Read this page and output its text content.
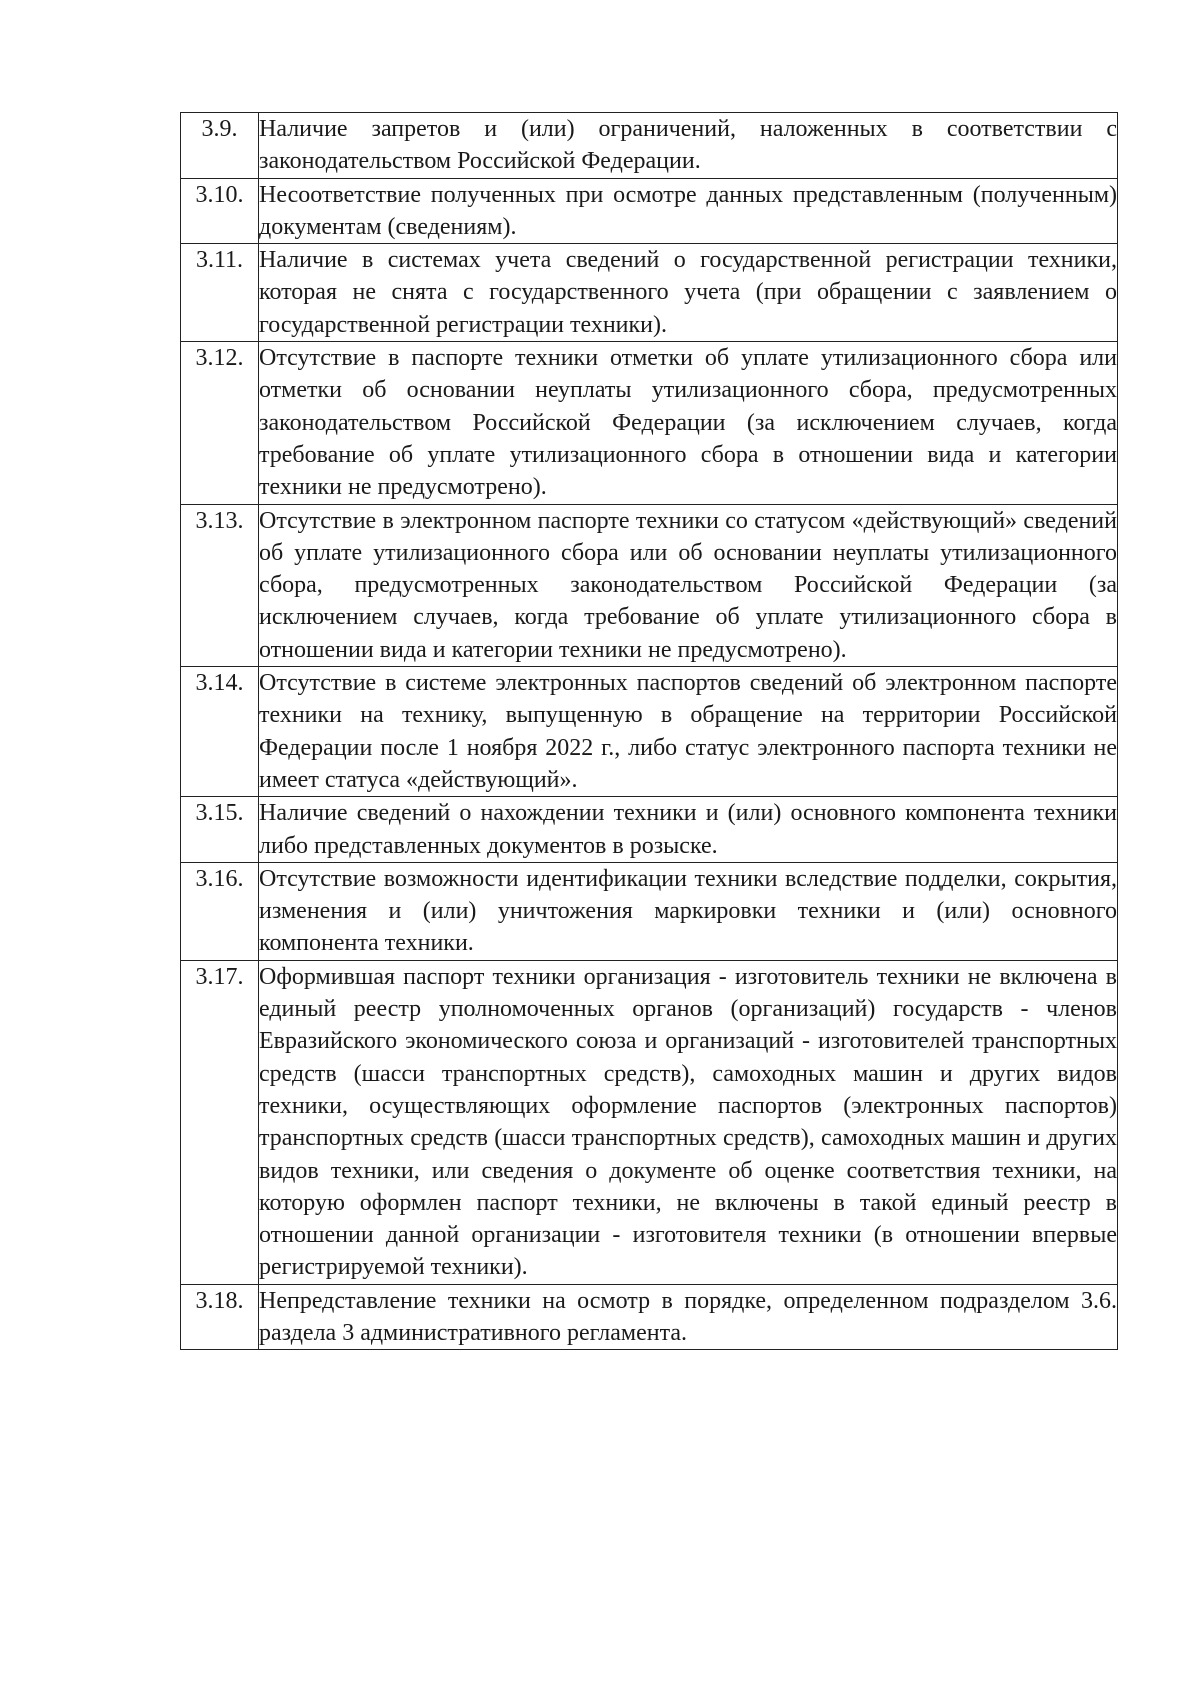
3.9.	Наличие запретов и (или) ограничений, наложенных в соответствии с законодательством Российской Федерации.
3.10.	Несоответствие полученных при осмотре данных представленным (полученным) документам (сведениям).
3.11.	Наличие в системах учета сведений о государственной регистрации техники, которая не снята с государственного учета (при обращении с заявлением о государственной регистрации техники).
3.12.	Отсутствие в паспорте техники отметки об уплате утилизационного сбора или отметки об основании неуплаты утилизационного сбора, предусмотренных законодательством Российской Федерации (за исключением случаев, когда требование об уплате утилизационного сбора в отношении вида и категории техники не предусмотрено).
3.13.	Отсутствие в электронном паспорте техники со статусом «действующий» сведений об уплате утилизационного сбора или об основании неуплаты утилизационного сбора, предусмотренных законодательством Российской Федерации (за исключением случаев, когда требование об уплате утилизационного сбора в отношении вида и категории техники не предусмотрено).
3.14.	Отсутствие в системе электронных паспортов сведений об электронном паспорте техники на технику, выпущенную в обращение на территории Российской Федерации после 1 ноября 2022 г., либо статус электронного паспорта техники не имеет статуса «действующий».
3.15.	Наличие сведений о нахождении техники и (или) основного компонента техники либо представленных документов в розыске.
3.16.	Отсутствие возможности идентификации техники вследствие подделки, сокрытия, изменения и (или) уничтожения маркировки техники и (или) основного компонента техники.
3.17.	Оформившая паспорт техники организация - изготовитель техники не включена в единый реестр уполномоченных органов (организаций) государств - членов Евразийского экономического союза и организаций - изготовителей транспортных средств (шасси транспортных средств), самоходных машин и других видов техники, осуществляющих оформление паспортов (электронных паспортов) транспортных средств (шасси транспортных средств), самоходных машин и других видов техники, или сведения о документе об оценке соответствия техники, на которую оформлен паспорт техники, не включены в такой единый реестр в отношении данной организации - изготовителя техники (в отношении впервые регистрируемой техники).
3.18.	Непредставление техники на осмотр в порядке, определенном подразделом 3.6. раздела 3 административного регламента.
